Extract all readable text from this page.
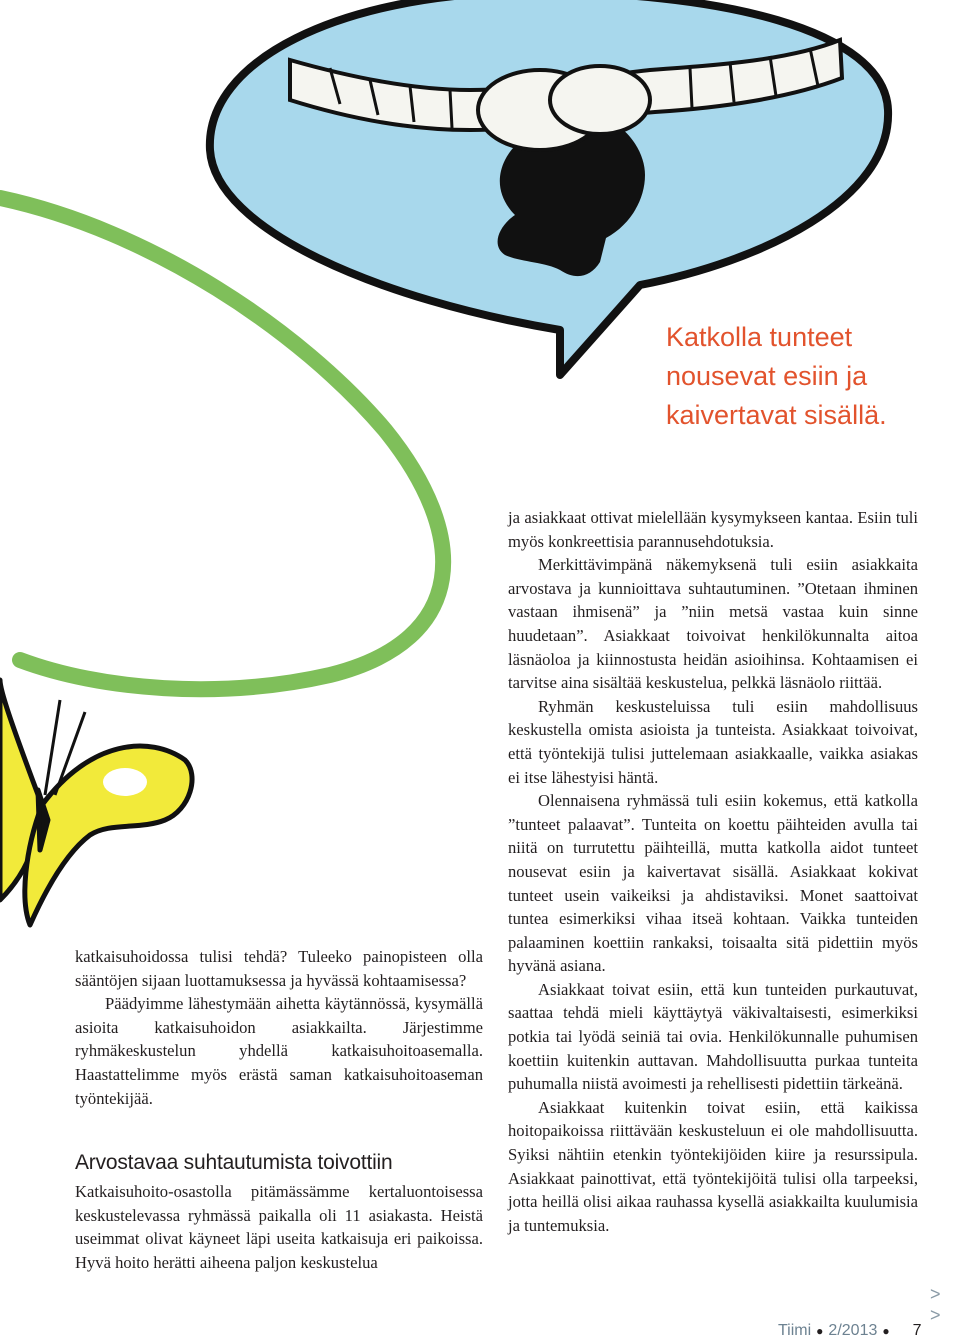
Katkolla tunteet
nousevat esiin ja
kaivertavat sisällä.

katkaisuhoidossa tulisi tehdä? Tuleeko painopisteen olla sääntöjen sijaan luottamuksessa ja hyvässä kohtaamisessa?

Päädyimme lähestymään aihetta käytännössä, kysymällä asioita katkaisuhoidon asiakkailta. Järjestimme ryhmäkeskustelun yhdellä katkaisuhoitoasemalla. Haastattelimme myös erästä saman katkaisuhoitoaseman työntekijää.

Arvostavaa suhtautumista toivottiin

Katkaisuhoito-osastolla pitämässämme kertaluontoisessa keskustelevassa ryhmässä paikalla oli 11 asiakasta. Heistä useimmat olivat käyneet läpi useita katkaisuja eri paikoissa. Hyvä hoito herätti aiheena paljon keskustelua

ja asiakkaat ottivat mielellään kysymykseen kantaa. Esiin tuli myös konkreettisia parannusehdotuksia.

Merkittävimpänä näkemyksenä tuli esiin asiakkaita arvostava ja kunnioittava suhtautuminen. ”Otetaan ihminen vastaan ihmisenä” ja ”niin metsä vastaa kuin sinne huudetaan”. Asiakkaat toivoivat henkilökunnalta aitoa läsnäoloa ja kiinnostusta heidän asioihinsa. Kohtaamisen ei tarvitse aina sisältää keskustelua, pelkkä läsnäolo riittää.

Ryhmän keskusteluissa tuli esiin mahdollisuus keskustella omista asioista ja tunteista. Asiakkaat toivoivat, että työntekijä tulisi juttelemaan asiakkaalle, vaikka asiakas ei itse lähestyisi häntä.

Olennaisena ryhmässä tuli esiin kokemus, että katkolla ”tunteet palaavat”. Tunteita on koettu päihteiden avulla tai niitä on turrutettu päihteillä, mutta katkolla aidot tunteet nousevat esiin ja kaivertavat sisällä. Asiakkaat kokivat tunteet usein vaikeiksi ja ahdistaviksi. Monet saattoivat tuntea esimerkiksi vihaa itseä kohtaan. Vaikka tunteiden palaaminen koettiin rankaksi, toisaalta sitä pidettiin myös hyvänä asiana.

Asiakkaat toivat esiin, että kun tunteiden purkautuvat, saattaa tehdä mieli käyttäytyä väkivaltaisesti, esimerkiksi potkia tai lyödä seiniä tai ovia. Henkilökunnalle puhumisen koettiin kuitenkin auttavan. Mahdollisuutta purkaa tunteita puhumalla niistä avoimesti ja rehellisesti pidettiin tärkeänä.

Asiakkaat kuitenkin toivat esiin, että kaikissa hoitopaikoissa riittävään keskusteluun ei ole mahdollisuutta. Syiksi nähtiin etenkin työntekijöiden kiire ja resurssipula. Asiakkaat painottivat, että työntekijöitä tulisi olla tarpeeksi, jotta heillä olisi aikaa rauhassa kysellä asiakkailta kuulumisia ja tuntemuksia.

> >
Tiimi ● 2/2013 ● 7
